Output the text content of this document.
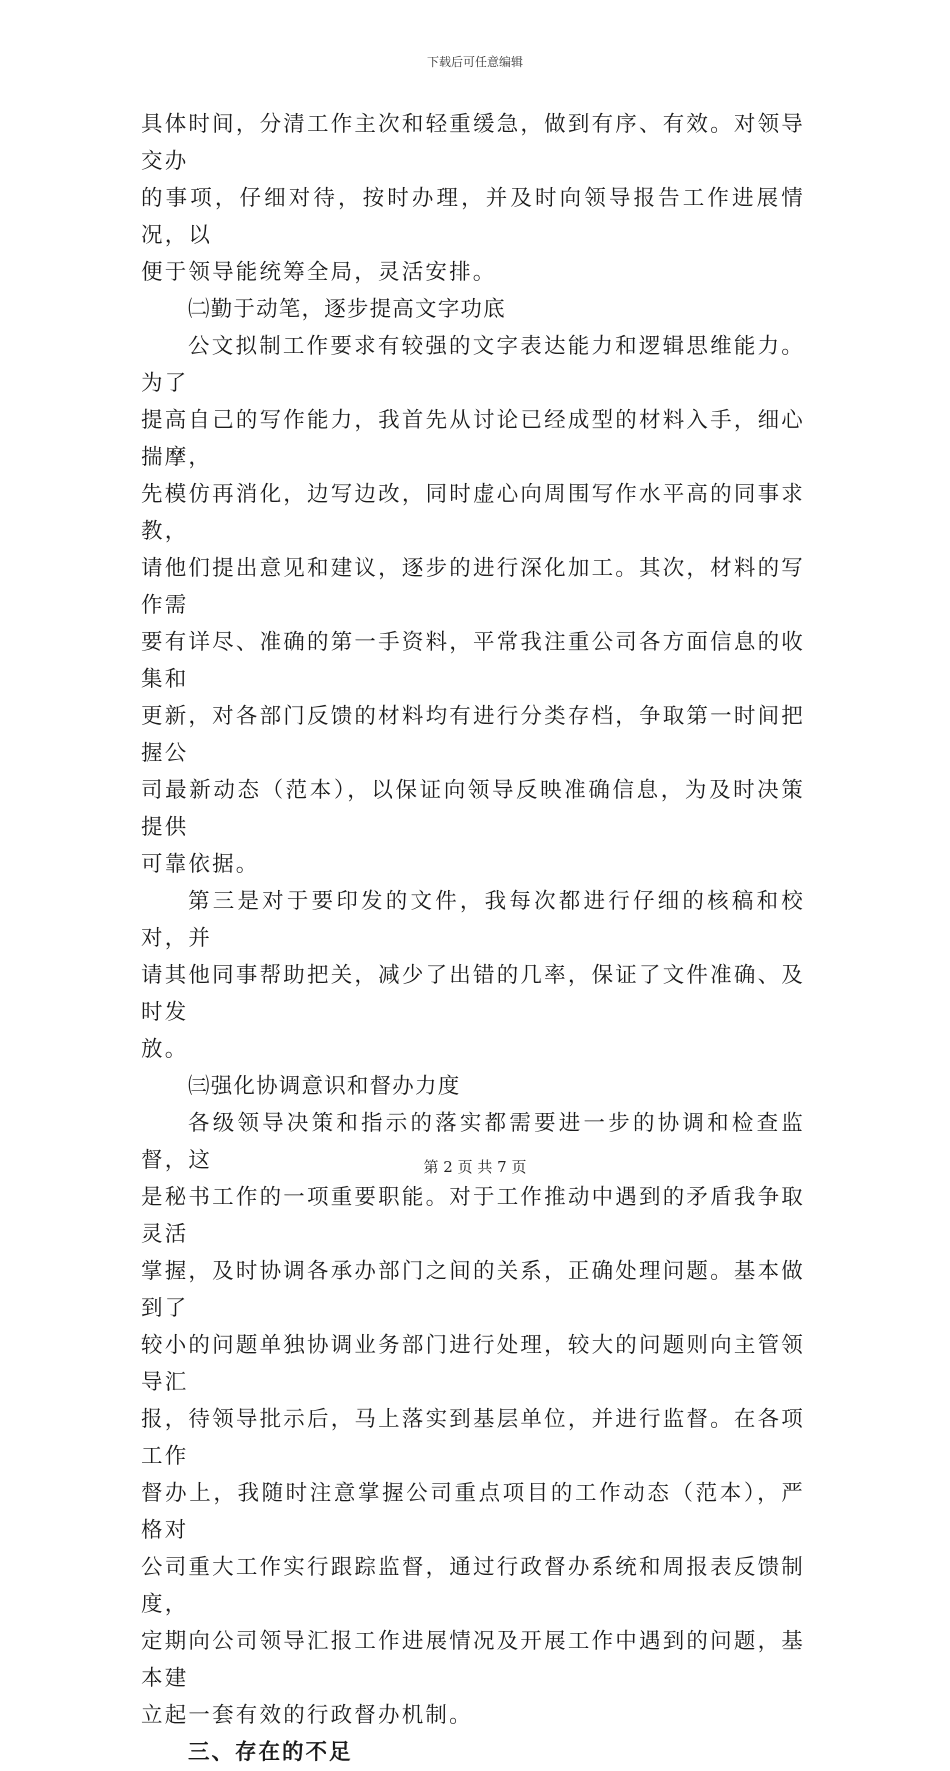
下载后可任意编辑

具体时间，分清工作主次和轻重缓急，做到有序、有效。对领导交办
的事项，仔细对待，按时办理，并及时向领导报告工作进展情况，以
便于领导能统筹全局，灵活安排。

㈡勤于动笔，逐步提高文字功底

公文拟制工作要求有较强的文字表达能力和逻辑思维能力。为了
提高自己的写作能力，我首先从讨论已经成型的材料入手，细心揣摩，
先模仿再消化，边写边改，同时虚心向周围写作水平高的同事求教，
请他们提出意见和建议，逐步的进行深化加工。其次，材料的写作需
要有详尽、准确的第一手资料，平常我注重公司各方面信息的收集和
更新，对各部门反馈的材料均有进行分类存档，争取第一时间把握公
司最新动态（范本），以保证向领导反映准确信息，为及时决策提供
可靠依据。

第三是对于要印发的文件，我每次都进行仔细的核稿和校对，并
请其他同事帮助把关，减少了出错的几率，保证了文件准确、及时发
放。

㈢强化协调意识和督办力度

各级领导决策和指示的落实都需要进一步的协调和检查监督，这
是秘书工作的一项重要职能。对于工作推动中遇到的矛盾我争取灵活
掌握，及时协调各承办部门之间的关系，正确处理问题。基本做到了
较小的问题单独协调业务部门进行处理，较大的问题则向主管领导汇
报，待领导批示后，马上落实到基层单位，并进行监督。在各项工作
督办上，我随时注意掌握公司重点项目的工作动态（范本），严格对
公司重大工作实行跟踪监督，通过行政督办系统和周报表反馈制度，
定期向公司领导汇报工作进展情况及开展工作中遇到的问题，基本建
立起一套有效的行政督办机制。

三、存在的不足

第 2 页 共 7 页
